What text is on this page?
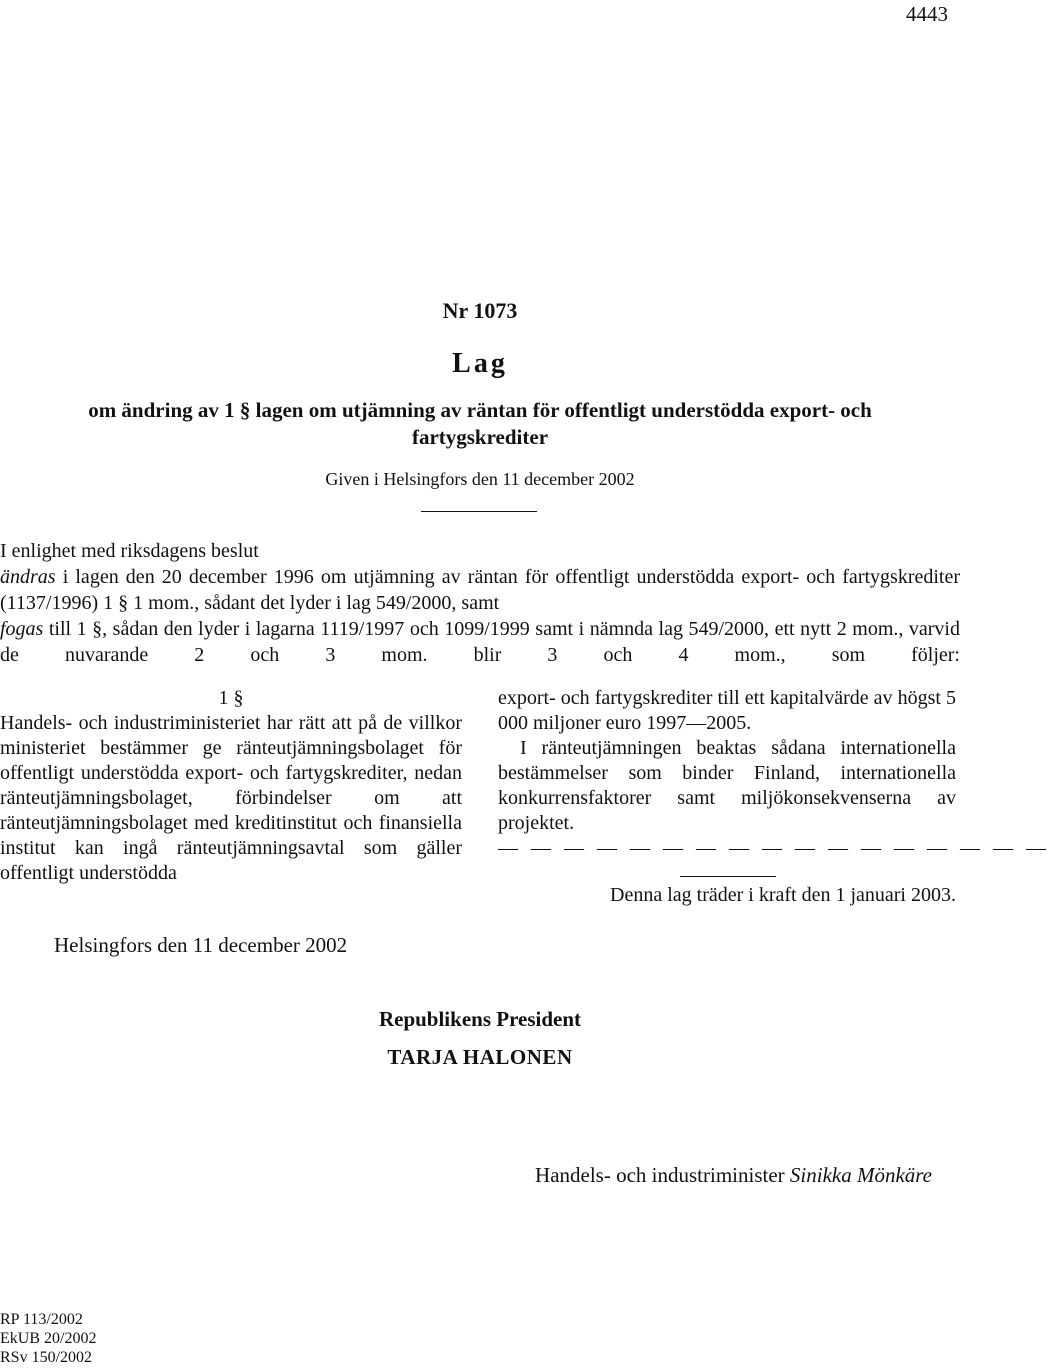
4443
Nr 1073
Lag
om ändring av 1 § lagen om utjämning av räntan för offentligt understödda export- och
fartygskrediter
Given i Helsingfors den 11 december 2002

I enlighet med riksdagens beslut

ändras i lagen den 20 december 1996 om utjämning av räntan för offentligt understödda export- och fartygskrediter (1137/1996) 1 § 1 mom., sådant det lyder i lag 549/2000, samt

fogas till 1 §, sådan den lyder i lagarna 1119/1997 och 1099/1999 samt i nämnda lag 549/2000, ett nytt 2 mom., varvid de nuvarande 2 och 3 mom. blir 3 och 4 mom., som följer:

1 §

Handels- och industriministeriet har rätt att på de villkor ministeriet bestämmer ge ränteutjämningsbolaget för offentligt understödda export- och fartygskrediter, nedan ränteutjämningsbolaget, förbindelser om att ränteutjämningsbolaget med kreditinstitut och finansiella institut kan ingå ränteutjämningsavtal som gäller offentligt understödda

export- och fartygskrediter till ett kapitalvärde av högst 5 000 miljoner euro 1997—2005.

I ränteutjämningen beaktas sådana internationella bestämmelser som binder Finland, internationella konkurrensfaktorer samt miljökonsekvenserna av projektet.

— — — — — — — — — — — — — — — — —
Denna lag träder i kraft den 1 januari 2003.
Helsingfors den 11 december 2002
Republikens President
TARJA HALONEN
Handels- och industriminister Sinikka Mönkäre
RP 113/2002
EkUB 20/2002
RSv 150/2002
